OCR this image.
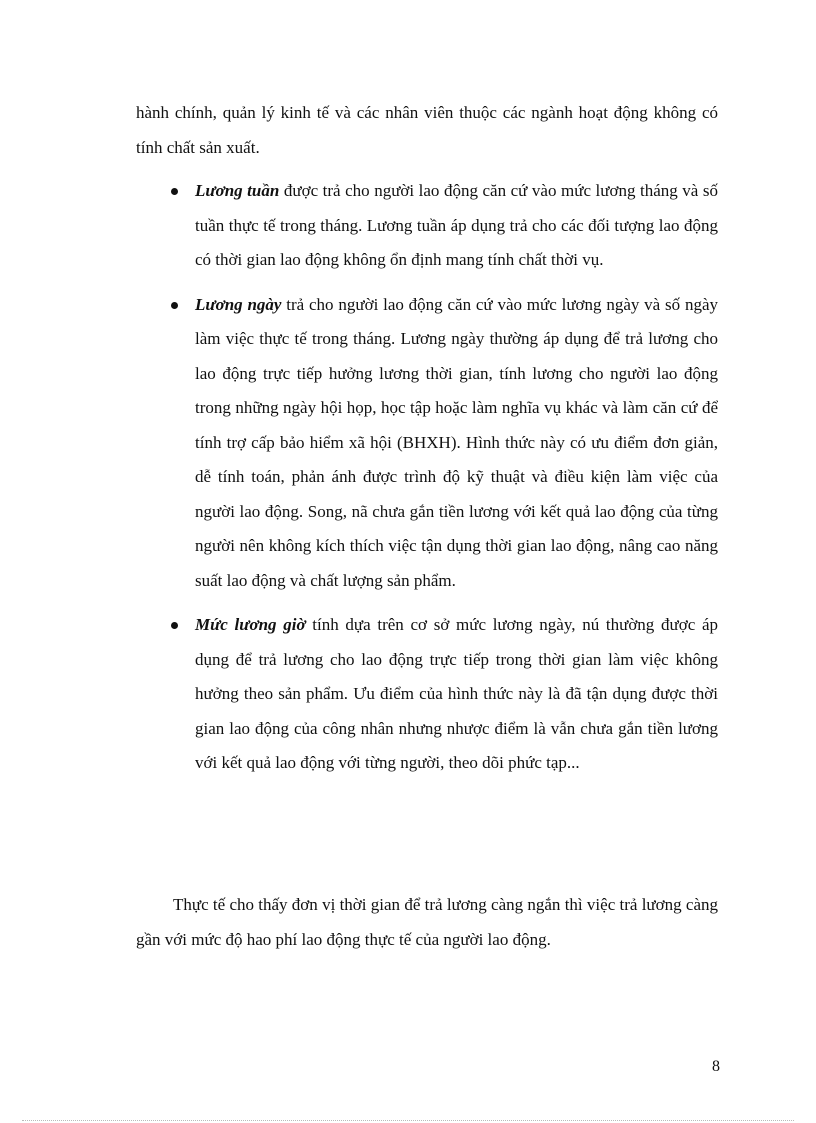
hành chính, quản lý kinh tế và các nhân viên thuộc các ngành hoạt động không có tính chất sản xuất.

Lương tuần được trả cho người lao động căn cứ vào mức lương tháng và số tuần thực tế trong tháng. Lương tuần áp dụng trả cho các đối tượng lao động có thời gian lao động không ổn định mang tính chất thời vụ.
Lương ngày trả cho người lao động căn cứ vào mức lương ngày và số ngày làm việc thực tế trong tháng. Lương ngày thường áp dụng để trả lương cho lao động trực tiếp hưởng lương thời gian, tính lương cho người lao động trong những ngày hội họp, học tập hoặc làm nghĩa vụ khác và làm căn cứ để tính trợ cấp bảo hiểm xã hội (BHXH). Hình thức này có ưu điểm đơn giản, dễ tính toán, phản ánh được trình độ kỹ thuật và điều kiện làm việc của người lao động. Song, nã chưa gắn tiền lương với kết quả lao động của từng người nên không kích thích việc tận dụng thời gian lao động, nâng cao năng suất lao động và chất lượng sản phẩm.
Mức lương giờ tính dựa trên cơ sở mức lương ngày, nú thường được áp dụng để trả lương cho lao động trực tiếp trong thời gian làm việc không hưởng theo sản phẩm. Ưu điểm của hình thức này là đã tận dụng được thời gian lao động của công nhân nhưng nhược điểm là vẫn chưa gắn tiền lương với kết quả lao động với từng người, theo dõi phức tạp...

Thực tế cho thấy đơn vị thời gian để trả lương càng ngắn thì việc trả lương càng gần với mức độ hao phí lao động thực tế của người lao động.

8
